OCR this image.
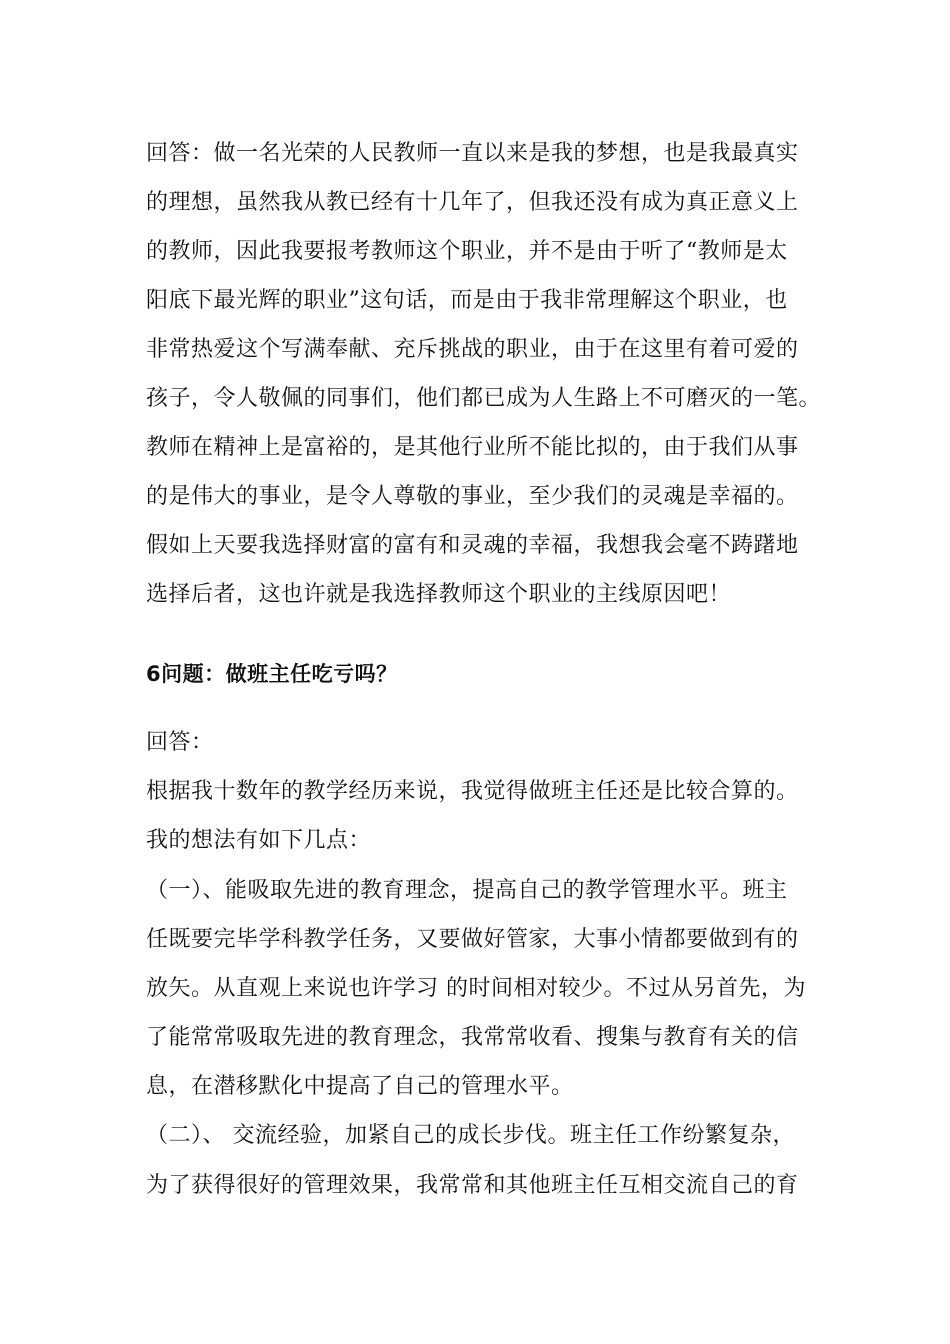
回答：做一名光荣的人民教师一直以来是我的梦想，也是我最真实
的理想，虽然我从教已经有十几年了，但我还没有成为真正意义上
的教师，因此我要报考教师这个职业，并不是由于听了“教师是太
阳底下最光辉的职业”这句话，而是由于我非常理解这个职业，也
非常热爱这个写满奉献、充斥挑战的职业，由于在这里有着可爱的
孩子，令人敬佩的同事们，他们都已成为人生路上不可磨灭的一笔。
教师在精神上是富裕的，是其他行业所不能比拟的，由于我们从事
的是伟大的事业，是令人尊敬的事业，至少我们的灵魂是幸福的。
假如上天要我选择财富的富有和灵魂的幸福，我想我会毫不踌躇地
选择后者，这也许就是我选择教师这个职业的主线原因吧！
6问题：做班主任吃亏吗？
回答：
根据我十数年的教学经历来说，我觉得做班主任还是比较合算的。
我的想法有如下几点：
（一）、能吸取先进的教育理念，提高自己的教学管理水平。班主
任既要完毕学科教学任务，又要做好管家，大事小情都要做到有的
放矢。从直观上来说也许学习 的时间相对较少。不过从另首先，为
了能常常吸取先进的教育理念，我常常收看、搜集与教育有关的信
息，在潜移默化中提高了自己的管理水平。
（二）、 交流经验，加紧自己的成长步伐。班主任工作纷繁复杂，
为了获得很好的管理效果，我常常和其他班主任互相交流自己的育
